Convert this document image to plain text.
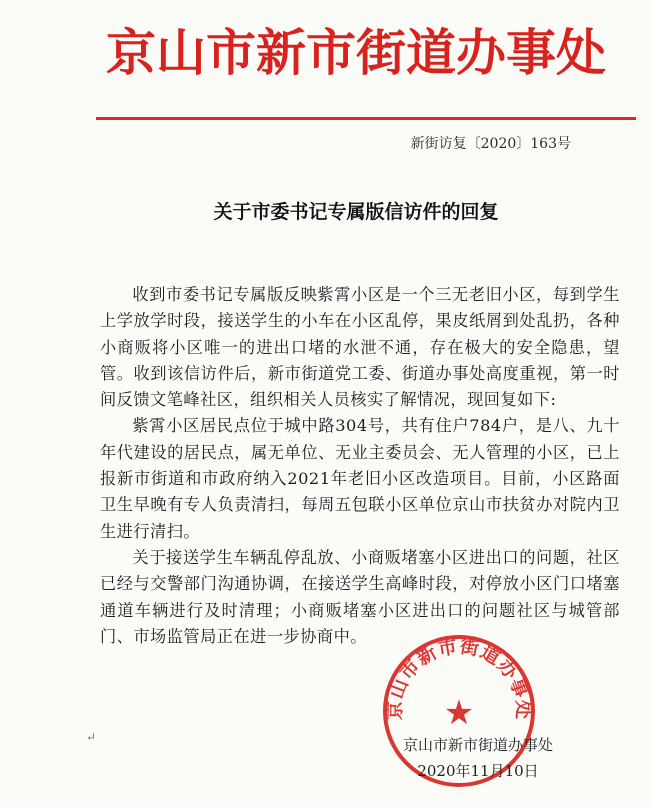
京山市新市街道办事处
新街访复〔2020〕163号
关于市委书记专属版信访件的回复

收到市委书记专属版反映紫霄小区是一个三无老旧小区，每到学生上学放学时段，接送学生的小车在小区乱停，果皮纸屑到处乱扔，各种小商贩将小区唯一的进出口堵的水泄不通，存在极大的安全隐患，望管。收到该信访件后，新市街道党工委、街道办事处高度重视，第一时间反馈文笔峰社区，组织相关人员核实了解情况，现回复如下:

紫霄小区居民点位于城中路304号，共有住户784户，是八、九十年代建设的居民点，属无单位、无业主委员会、无人管理的小区，已上报新市街道和市政府纳入2021年老旧小区改造项目。目前，小区路面卫生早晚有专人负责清扫，每周五包联小区单位京山市扶贫办对院内卫生进行清扫。

关于接送学生车辆乱停乱放、小商贩堵塞小区进出口的问题，社区已经与交警部门沟通协调，在接送学生高峰时段，对停放小区门口堵塞通道车辆进行及时清理；小商贩堵塞小区进出口的问题社区与城管部门、市场监管局正在进一步协商中。

↵
京山市新市街道办事处
★
京山市新市街道办事处
2020年11月10日
